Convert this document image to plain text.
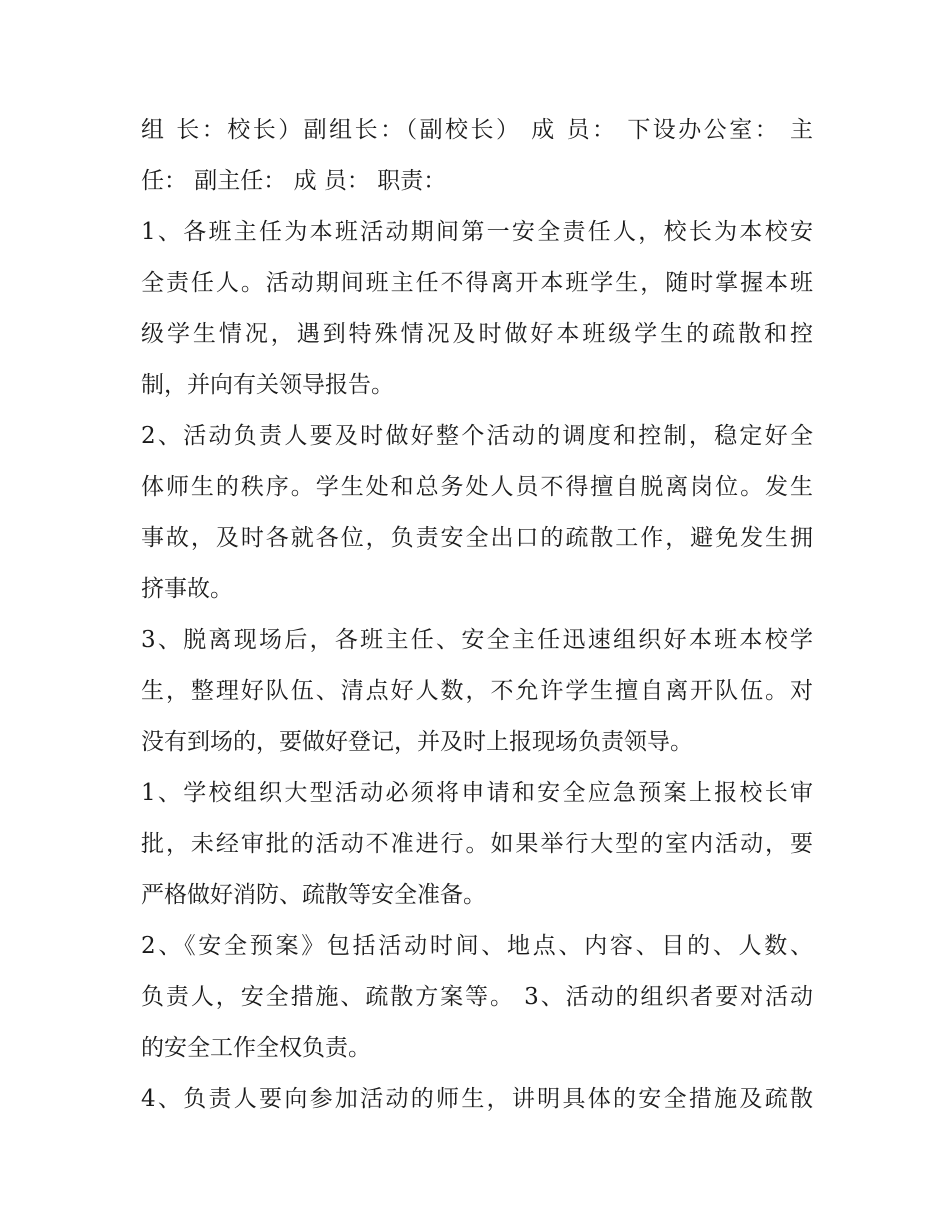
组 长：校长）副组长：（副校长） 成 员： 下设办公室： 主
任： 副主任： 成 员： 职责：
1、各班主任为本班活动期间第一安全责任人，校长为本校安
全责任人。活动期间班主任不得离开本班学生，随时掌握本班
级学生情况，遇到特殊情况及时做好本班级学生的疏散和控
制，并向有关领导报告。
2、活动负责人要及时做好整个活动的调度和控制，稳定好全
体师生的秩序。学生处和总务处人员不得擅自脱离岗位。发生
事故，及时各就各位，负责安全出口的疏散工作，避免发生拥
挤事故。
3、脱离现场后，各班主任、安全主任迅速组织好本班本校学
生，整理好队伍、清点好人数，不允许学生擅自离开队伍。对
没有到场的，要做好登记，并及时上报现场负责领导。
1、学校组织大型活动必须将申请和安全应急预案上报校长审
批，未经审批的活动不准进行。如果举行大型的室内活动，要
严格做好消防、疏散等安全准备。
2、《安全预案》包括活动时间、地点、内容、目的、人数、
负责人，安全措施、疏散方案等。 3、活动的组织者要对活动
的安全工作全权负责。
4、负责人要向参加活动的师生，讲明具体的安全措施及疏散
